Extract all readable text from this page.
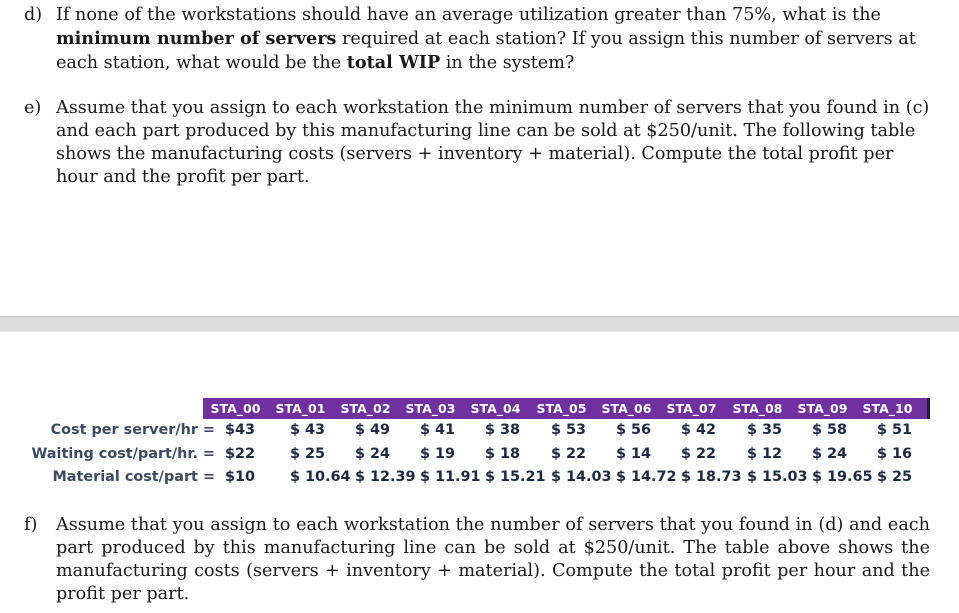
d) If none of the workstations should have an average utilization greater than 75%, what is the minimum number of servers required at each station? If you assign this number of servers at each station, what would be the total WIP in the system?
e) Assume that you assign to each workstation the minimum number of servers that you found in (c) and each part produced by this manufacturing line can be sold at $250/unit. The following table shows the manufacturing costs (servers + inventory + material). Compute the total profit per hour and the profit per part.
STA_00	STA_01	STA_02	STA_03	STA_04	STA_05	STA_06	STA_07	STA_08	STA_09	STA_10
Cost per server/hr = $43 $ 43 $ 49 $ 41 $ 38 $ 53 $ 56 $ 42 $ 35 $ 58 $ 51
Waiting cost/part/hr. = $22 $ 25 $ 24 $ 19 $ 18 $ 22 $ 14 $ 22 $ 12 $ 24 $ 16
Material cost/part = $10 $ 10.64 $ 12.39 $ 11.91 $ 15.21 $ 14.03 $ 14.72 $ 18.73 $ 15.03 $ 19.65 $ 25
f)	Assume that you assign to each workstation the number of servers that you found in (d) and each part produced by this manufacturing line can be sold at $250/unit. The table above shows the manufacturing costs (servers + inventory + material). Compute the total profit per hour and the profit per part.
